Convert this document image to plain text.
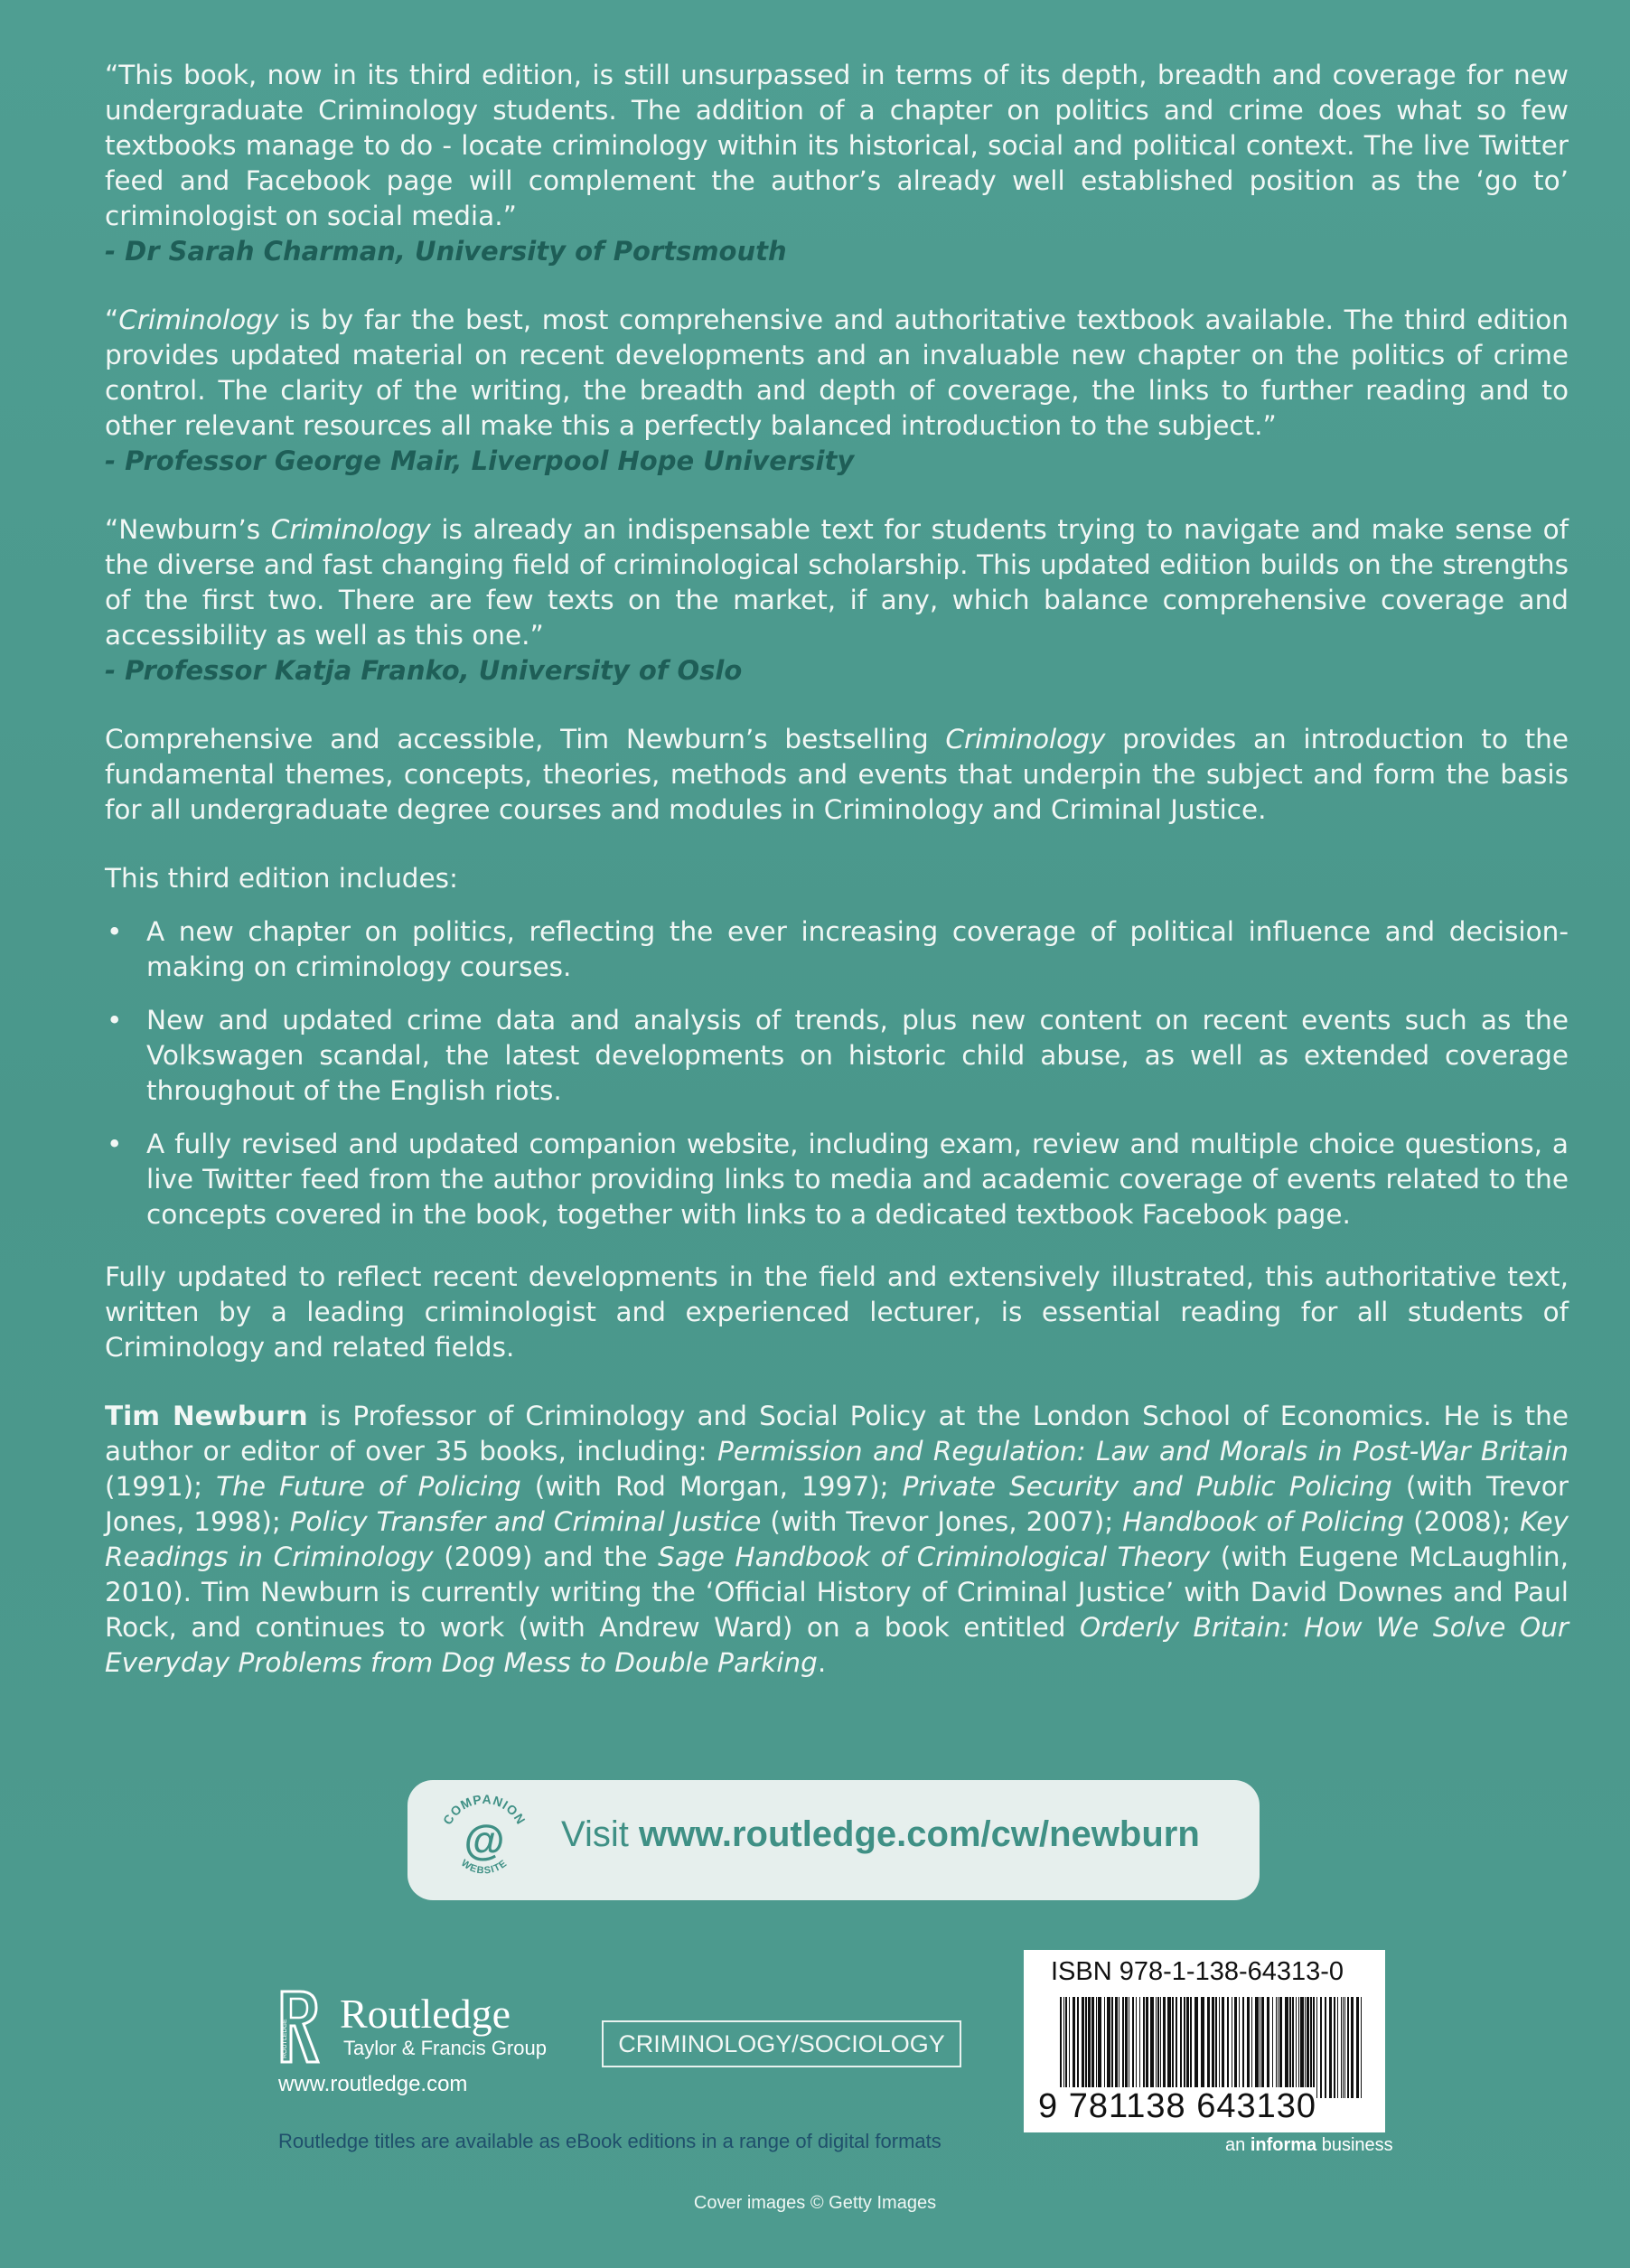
“This book, now in its third edition, is still unsurpassed in terms of its depth, breadth and coverage for new undergraduate Criminology students. The addition of a chapter on politics and crime does what so few textbooks manage to do - locate criminology within its historical, social and political context. The live Twitter feed and Facebook page will complement the author’s already well established position as the ‘go to’ criminologist on social media.”

- Dr Sarah Charman, University of Portsmouth

“Criminology is by far the best, most comprehensive and authoritative textbook available. The third edition provides updated material on recent developments and an invaluable new chapter on the politics of crime control. The clarity of the writing, the breadth and depth of coverage, the links to further reading and to other relevant resources all make this a perfectly balanced introduction to the subject.”

- Professor George Mair, Liverpool Hope University

“Newburn’s Criminology is already an indispensable text for students trying to navigate and make sense of the diverse and fast changing field of criminological scholarship. This updated edition builds on the strengths of the first two. There are few texts on the market, if any, which balance comprehensive coverage and accessibility as well as this one.”

- Professor Katja Franko, University of Oslo

Comprehensive and accessible, Tim Newburn’s bestselling Criminology provides an introduction to the fundamental themes, concepts, theories, methods and events that underpin the subject and form the basis for all undergraduate degree courses and modules in Criminology and Criminal Justice.

This third edition includes:

• A new chapter on politics, reflecting the ever increasing coverage of political influence and decision-making on criminology courses.
• New and updated crime data and analysis of trends, plus new content on recent events such as the Volkswagen scandal, the latest developments on historic child abuse, as well as extended coverage throughout of the English riots.
• A fully revised and updated companion website, including exam, review and multiple choice questions, a live Twitter feed from the author providing links to media and academic coverage of events related to the concepts covered in the book, together with links to a dedicated textbook Facebook page.

Fully updated to reflect recent developments in the field and extensively illustrated, this authoritative text, written by a leading criminologist and experienced lecturer, is essential reading for all students of Criminology and related fields.

Tim Newburn is Professor of Criminology and Social Policy at the London School of Economics. He is the author or editor of over 35 books, including: Permission and Regulation: Law and Morals in Post-War Britain (1991); The Future of Policing (with Rod Morgan, 1997); Private Security and Public Policing (with Trevor Jones, 1998); Policy Transfer and Criminal Justice (with Trevor Jones, 2007); Handbook of Policing (2008); Key Readings in Criminology (2009) and the Sage Handbook of Criminological Theory (with Eugene McLaughlin, 2010). Tim Newburn is currently writing the ‘Official History of Criminal Justice’ with David Downes and Paul Rock, and continues to work (with Andrew Ward) on a book entitled Orderly Britain: How We Solve Our Everyday Problems from Dog Mess to Double Parking.

COMPANION
WEBSITE
@ Visit www.routledge.com/cw/newburn
ROUTLEDGE
Routledge
Taylor & Francis Group
www.routledge.com
CRIMINOLOGY/SOCIOLOGY
ISBN 978-1-138-64313-0
9 781138 643130
an informa business
Routledge titles are available as eBook editions in a range of digital formats
Cover images © Getty Images
